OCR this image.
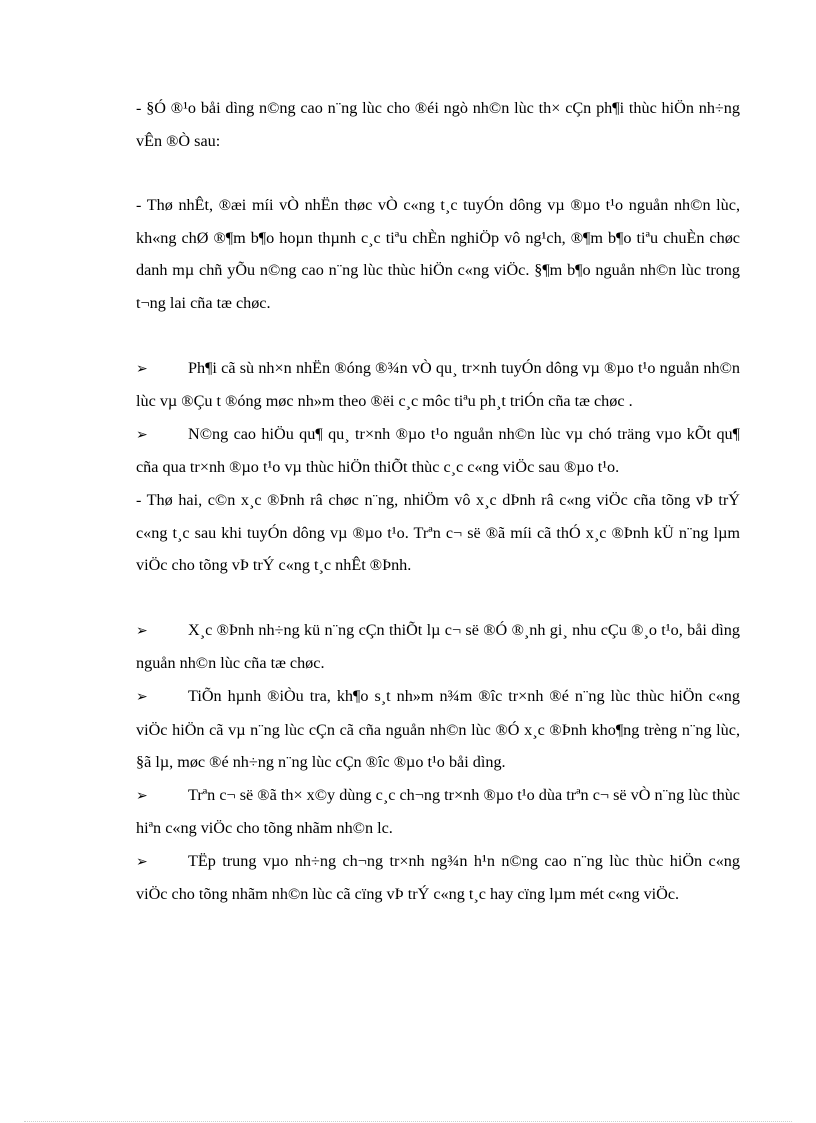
- §Ó ®¹o båi dìng n©ng cao n¨ng lùc cho ®éi ngò nh©n lùc th× cÇn ph¶i thùc hiÖn nh÷ng vÊn ®Ò sau:

- Thø nhÊt, ®æi míi vÒ nhËn thøc vÒ c«ng t¸c tuyÓn dông vµ ®µo t¹o nguån nh©n lùc, kh«ng chØ ®¶m b¶o hoµn thµnh c¸c tiªu chÈn nghiÖp vô ng¹ch, ®¶m b¶o tiªu chuÈn chøc danh mµ chñ yÕu n©ng cao n¨ng lùc thùc hiÖn c«ng viÖc. §¶m b¶o nguån nh©n lùc trong t¬ng lai cña tæ chøc.

➢ Ph¶i cã sù nh×n nhËn ®óng ®¾n vÒ qu¸ tr×nh tuyÓn dông vµ ®µo t¹o nguån nh©n lùc vµ ®Çu t ®óng møc nh»m theo ®ëi c¸c môc tiªu ph¸t triÓn cña tæ chøc .

➢ N©ng cao hiÖu qu¶ qu¸ tr×nh ®µo t¹o nguån nh©n lùc vµ chó träng vµo kÕt qu¶ cña qua tr×nh ®µo t¹o vµ thùc hiÖn thiÕt thùc c¸c c«ng viÖc sau ®µo t¹o.

- Thø hai, c©n x¸c ®Þnh râ chøc n¨ng, nhiÖm vô x¸c dÞnh râ c«ng viÖc cña tõng vÞ trÝ c«ng t¸c sau khi tuyÓn dông vµ ®µo t¹o. Trªn c¬ së ®ã míi cã thÓ x¸c ®Þnh kÜ n¨ng lµm viÖc cho tõng vÞ trÝ c«ng t¸c nhÊt ®Þnh.

➢ X¸c ®Þnh nh÷ng kü n¨ng cÇn thiÕt lµ c¬ së ®Ó ®¸nh gi¸ nhu cÇu ®¸o t¹o, båi dìng nguån nh©n lùc cña tæ chøc.

➢ TiÕn hµnh ®iÒu tra, kh¶o s¸t nh»m n¾m ®îc tr×nh ®é n¨ng lùc thùc hiÖn c«ng viÖc hiÖn cã vµ n¨ng lùc cÇn cã cña nguån nh©n lùc ®Ó x¸c ®Þnh kho¶ng trèng n¨ng lùc, §ã lµ, møc ®é nh÷ng n¨ng lùc cÇn ®îc ®µo t¹o båi dìng.

➢ Trªn c¬ së ®ã th× x©y dùng c¸c ch¬ng tr×nh ®µo t¹o dùa trªn c¬ së vÒ n¨ng lùc thùc hiªn c«ng viÖc cho tõng nhãm nh©n lc.

➢ TËp trung vµo nh÷ng ch¬ng tr×nh ng¾n h¹n n©ng cao n¨ng lùc thùc hiÖn c«ng viÖc cho tõng nhãm nh©n lùc cã cïng vÞ trÝ c«ng t¸c hay cïng lµm mét c«ng viÖc.
